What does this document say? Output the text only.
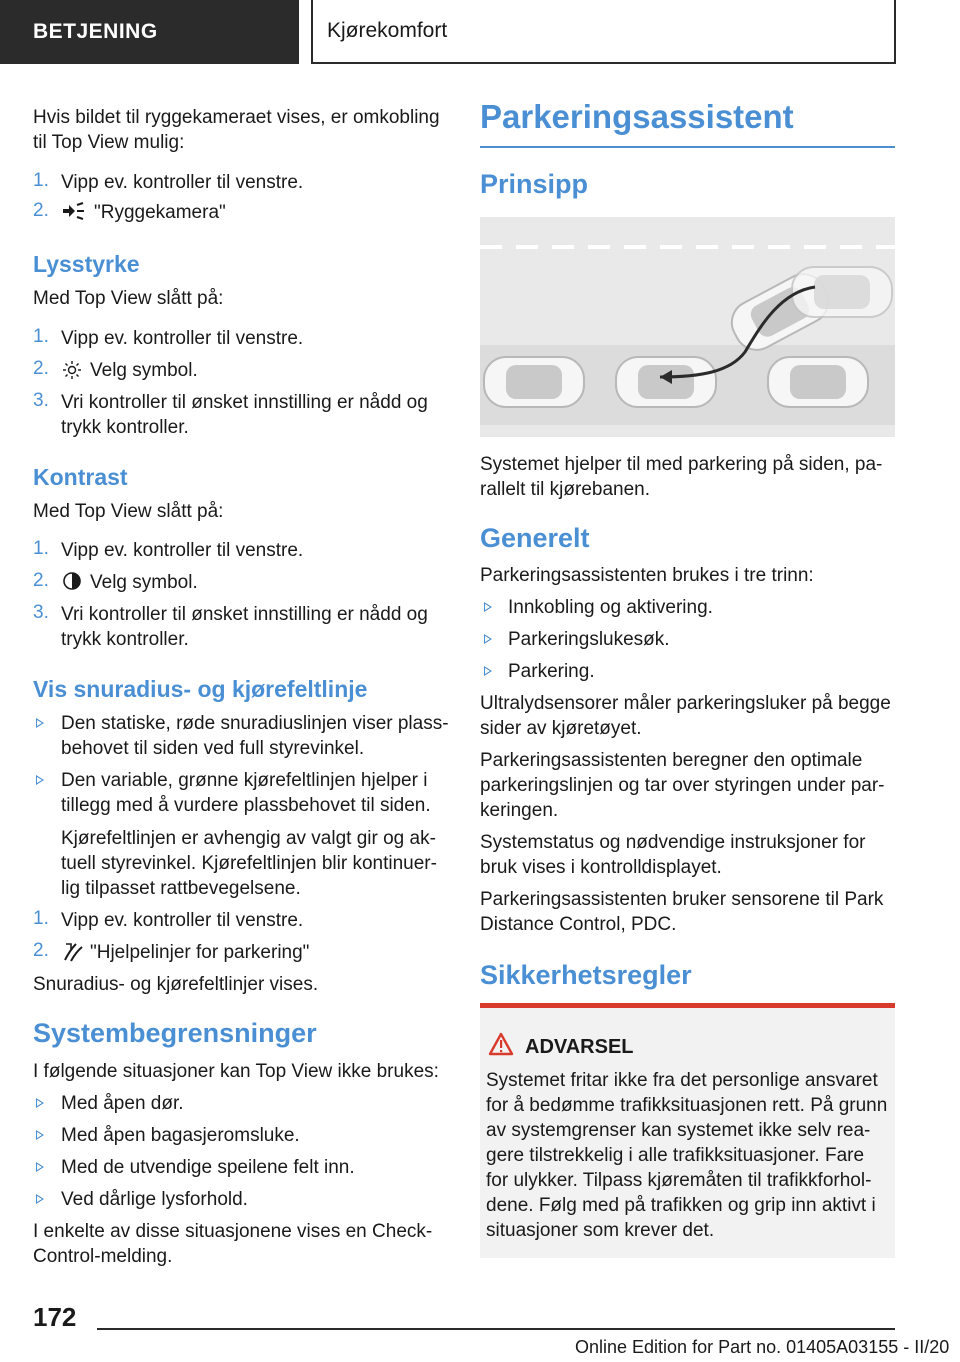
BETJENING	Kjørekomfort

Hvis bildet til ryggekameraet vises, er omkobling

til Top View mulig:

1. Vipp ev. kontroller til venstre.

2. "Ryggekamera"

Lysstyrke

Med Top View slått på:

1. Vipp ev. kontroller til venstre.

2. Velg symbol.

3. Vri kontroller til ønsket innstilling er nådd og

trykk kontroller.

Kontrast

Med Top View slått på:

1. Vipp ev. kontroller til venstre.

2. Velg symbol.

3. Vri kontroller til ønsket innstilling er nådd og

trykk kontroller.

Vis snuradius- og kjørefeltlinje

Den statiske, røde snuradiuslinjen viser plass-

behovet til siden ved full styrevinkel.

Den variable, grønne kjørefeltlinjen hjelper i

tillegg med å vurdere plassbehovet til siden.

Kjørefeltlinjen er avhengig av valgt gir og ak-

tuell styrevinkel. Kjørefeltlinjen blir kontinuer-

lig tilpasset rattbevegelsene.

1. Vipp ev. kontroller til venstre.

2. "Hjelpelinjer for parkering"

Snuradius- og kjørefeltlinjer vises.

Systembegrensninger

I følgende situasjoner kan Top View ikke brukes:

Med åpen dør.

Med åpen bagasjeromsluke.

Med de utvendige speilene felt inn.

Ved dårlige lysforhold.

I enkelte av disse situasjonene vises en Check-

Control-melding.

Parkeringsassistent

Prinsipp

Systemet hjelper til med parkering på siden, pa-

rallelt til kjørebanen.

Generelt

Parkeringsassistenten brukes i tre trinn:

Innkobling og aktivering.

Parkeringslukesøk.

Parkering.

Ultralydsensorer måler parkeringsluker på begge

sider av kjøretøyet.

Parkeringsassistenten beregner den optimale

parkeringslinjen og tar over styringen under par-

keringen.

Systemstatus og nødvendige instruksjoner for

bruk vises i kontrolldisplayet.

Parkeringsassistenten bruker sensorene til Park

Distance Control, PDC.

Sikkerhetsregler

ADVARSEL

Systemet fritar ikke fra det personlige ansvaret

for å bedømme trafikksituasjonen rett. På grunn

av systemgrenser kan systemet ikke selv rea-

gere tilstrekkelig i alle trafikksituasjoner. Fare

for ulykker. Tilpass kjøremåten til trafikkforhol-

dene. Følg med på trafikken og grip inn aktivt i

situasjoner som krever det.

172

Online Edition for Part no. 01405A03155 - II/20
